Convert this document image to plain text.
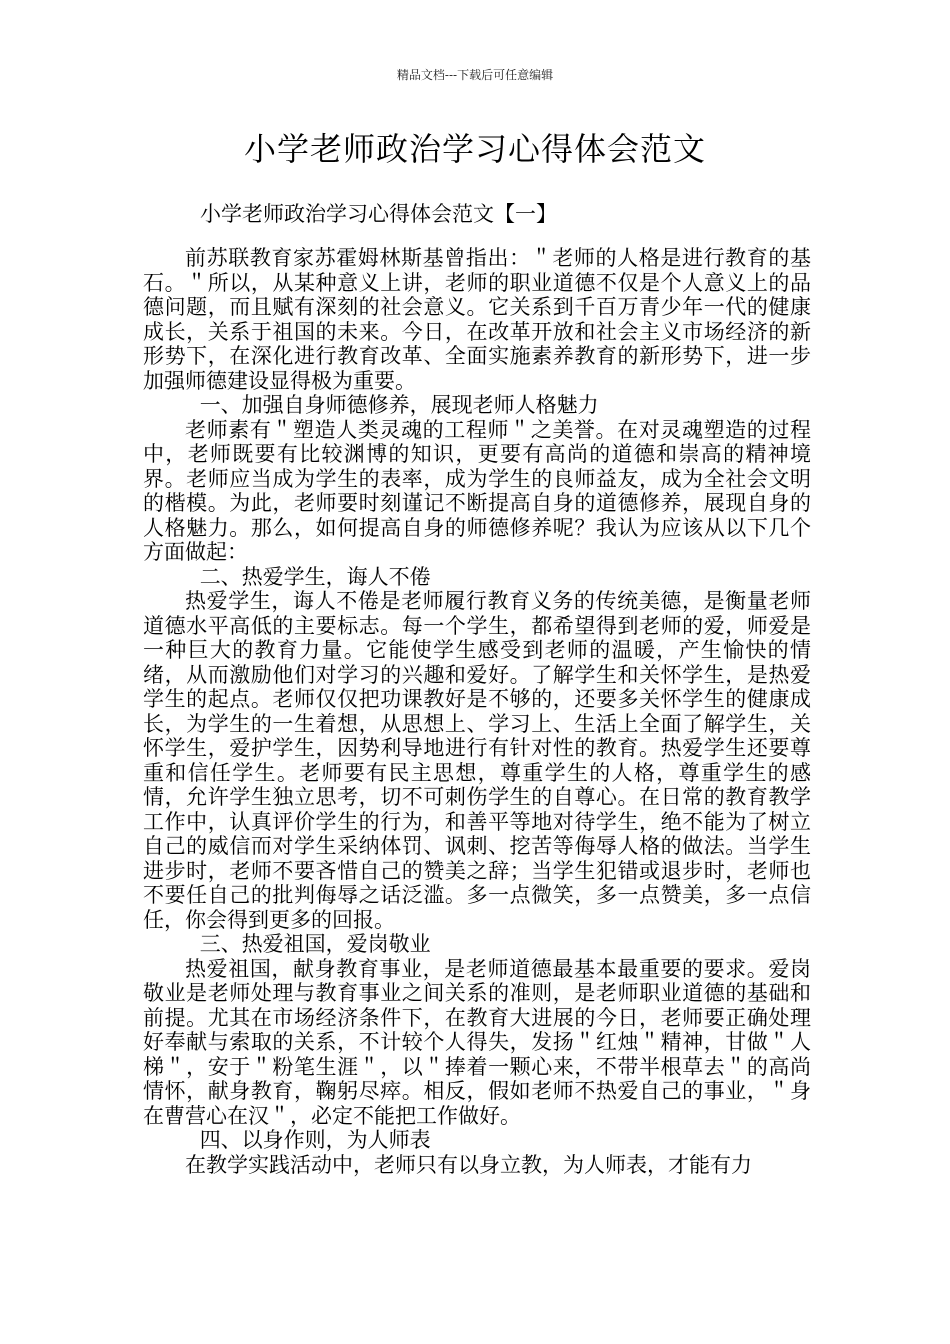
精品文档---下载后可任意编辑
小学老师政治学习心得体会范文
小学老师政治学习心得体会范文【一】

前苏联教育家苏霍姆林斯基曾指出：＂老师的人格是进行教育的基石。＂所以，从某种意义上讲，老师的职业道德不仅是个人意义上的品德问题，而且赋有深刻的社会意义。它关系到千百万青少年一代的健康成长，关系于祖国的未来。今日，在改革开放和社会主义市场经济的新形势下，在深化进行教育改革、全面实施素养教育的新形势下，进一步加强师德建设显得极为重要。

一、加强自身师德修养，展现老师人格魅力

老师素有＂塑造人类灵魂的工程师＂之美誉。在对灵魂塑造的过程中，老师既要有比较渊博的知识，更要有高尚的道德和崇高的精神境界。老师应当成为学生的表率，成为学生的良师益友，成为全社会文明的楷模。为此，老师要时刻谨记不断提高自身的道德修养，展现自身的人格魅力。那么，如何提高自身的师德修养呢？我认为应该从以下几个方面做起：

二、热爱学生，诲人不倦

热爱学生，诲人不倦是老师履行教育义务的传统美德，是衡量老师道德水平高低的主要标志。每一个学生，都希望得到老师的爱，师爱是一种巨大的教育力量。它能使学生感受到老师的温暖，产生愉快的情绪，从而激励他们对学习的兴趣和爱好。了解学生和关怀学生，是热爱学生的起点。老师仅仅把功课教好是不够的，还要多关怀学生的健康成长，为学生的一生着想，从思想上、学习上、生活上全面了解学生，关怀学生，爱护学生，因势利导地进行有针对性的教育。热爱学生还要尊重和信任学生。老师要有民主思想，尊重学生的人格，尊重学生的感情，允许学生独立思考，切不可刺伤学生的自尊心。在日常的教育教学工作中，认真评价学生的行为，和善平等地对待学生，绝不能为了树立自己的威信而对学生采纳体罚、讽刺、挖苦等侮辱人格的做法。当学生进步时，老师不要吝惜自己的赞美之辞；当学生犯错或退步时，老师也不要任自己的批判侮辱之话泛滥。多一点微笑，多一点赞美，多一点信任，你会得到更多的回报。

三、热爱祖国，爱岗敬业

热爱祖国，献身教育事业，是老师道德最基本最重要的要求。爱岗敬业是老师处理与教育事业之间关系的准则，是老师职业道德的基础和前提。尤其在市场经济条件下，在教育大进展的今日，老师要正确处理好奉献与索取的关系，不计较个人得失，发扬＂红烛＂精神，甘做＂人梯＂，安于＂粉笔生涯＂，以＂捧着一颗心来，不带半根草去＂的高尚情怀，献身教育，鞠躬尽瘁。相反，假如老师不热爱自己的事业，＂身在曹营心在汉＂，必定不能把工作做好。

四、以身作则，为人师表

在教学实践活动中，老师只有以身立教，为人师表，才能有力
